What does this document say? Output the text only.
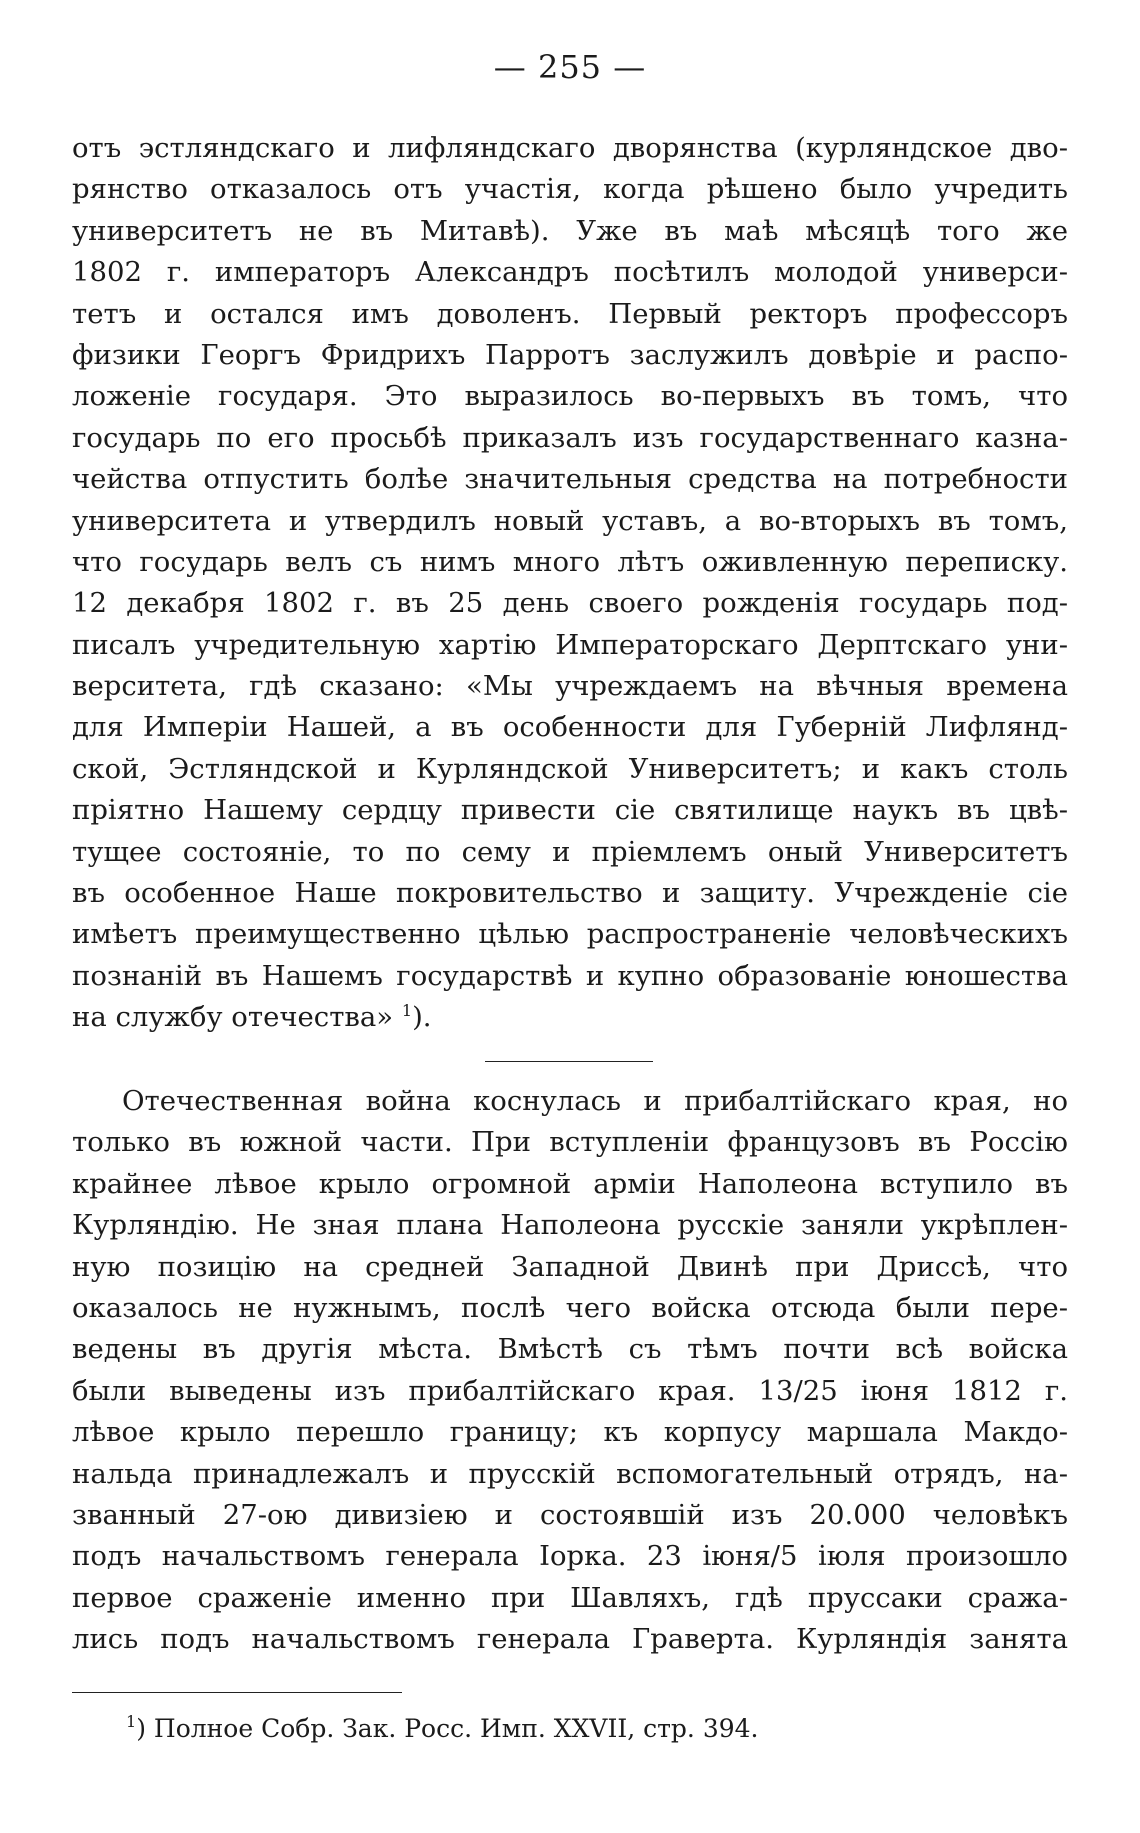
— 255 —
отъ эстляндскаго и лифляндскаго дворянства (курляндское дво-
рянство отказалось отъ участія, когда рѣшено было учредить
университетъ не въ Митавѣ). Уже въ маѣ мѣсяцѣ того же
1802 г. императоръ Александръ посѣтилъ молодой универси-
тетъ и остался имъ доволенъ. Первый ректоръ профессоръ
физики Георгъ Фридрихъ Парротъ заслужилъ довѣріе и распо-
ложеніе государя. Это выразилось во-первыхъ въ томъ, что
государь по его просьбѣ приказалъ изъ государственнаго казна-
чейства отпустить болѣе значительныя средства на потребности
университета и утвердилъ новый уставъ, а во-вторыхъ въ томъ,
что государь велъ съ нимъ много лѣтъ оживленную переписку.
12 декабря 1802 г. въ 25 день своего рожденія государь под-
писалъ учредительную хартію Императорскаго Дерптскаго уни-
верситета, гдѣ сказано: «Мы учреждаемъ на вѣчныя времена
для Имперіи Нашей, а въ особенности для Губерній Лифлянд-
ской, Эстляндской и Курляндской Университетъ; и какъ столь
пріятно Нашему сердцу привести сіе святилище наукъ въ цвѣ-
тущее состояніе, то по сему и пріемлемъ оный Университетъ
въ особенное Наше покровительство и защиту. Учрежденіе сіе
имѣетъ преимущественно цѣлью распространеніе человѣческихъ
познаній въ Нашемъ государствѣ и купно образованіе юношества
на службу отечества» $^1$).
Отечественная война коснулась и прибалтійскаго края, но
только въ южной части. При вступленіи французовъ въ Россію
крайнее лѣвое крыло огромной арміи Наполеона вступило въ
Курляндію. Не зная плана Наполеона русскіе заняли укрѣплен-
ную позицію на средней Западной Двинѣ при Дриссѣ, что
оказалось не нужнымъ, послѣ чего войска отсюда были пере-
ведены въ другія мѣста. Вмѣстѣ съ тѣмъ почти всѣ войска
были выведены изъ прибалтійскаго края. 13/25 іюня 1812 г.
лѣвое крыло перешло границу; къ корпусу маршала Макдо-
нальда принадлежалъ и прусскій вспомогательный отрядъ, на-
званный 27-ою дивизіею и состоявшій изъ 20.000 человѣкъ
подъ начальствомъ генерала Іорка. 23 іюня/5 іюля произошло
первое сраженіе именно при Шавляхъ, гдѣ пруссаки сража-
лись подъ начальствомъ генерала Граверта. Курляндія занята
$^1$) Полное Собр. Зак. Росс. Имп. XXVII, стр. 394.
